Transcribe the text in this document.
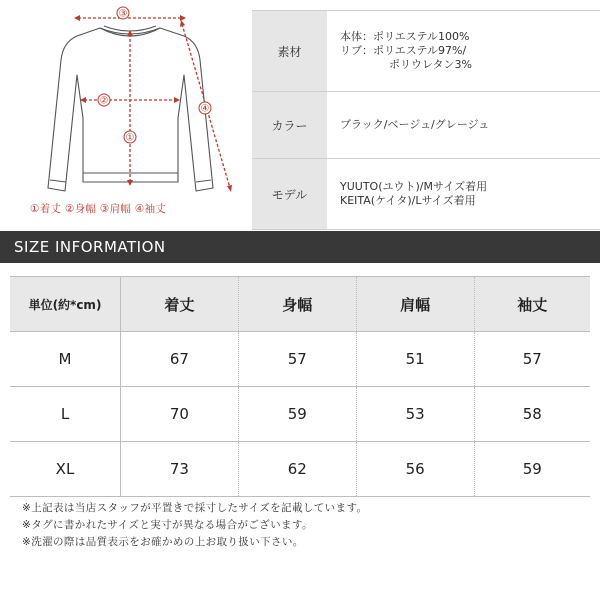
③
②
①
④
①着丈 ②身幅 ③肩幅 ④袖丈
素材	本体：ポリエステル100%
リブ：ポリエステル97%/
ポリウレタン3%

カラー	ブラック/ベージュ/グレージュ
モデル	YUUTO(ユウト)/Mサイズ着用
KEITA(ケイタ)/Lサイズ着用
SIZE INFORMATION
単位(約*cm)	着丈	身幅	肩幅	袖丈
M	67	57	51	57
L	70	59	53	58
XL	73	62	56	59
※上記表は当店スタッフが平置きで採寸したサイズを記載しています。
※タグに書かれたサイズと実寸が異なる場合がございます。
※洗濯の際は品質表示をお確かめの上お取り扱い下さい。
